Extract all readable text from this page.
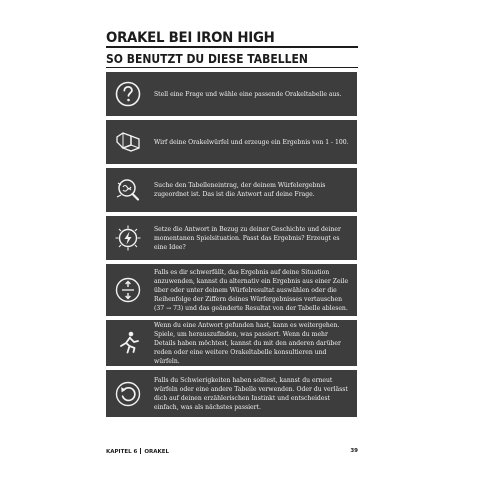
ORAKEL BEI IRON HIGH
SO BENUTZT DU DIESE TABELLEN
Stell eine Frage und wähle eine passende Orakeltabelle aus.
Wirf deine Orakelwürfel und erzeuge ein Ergebnis von 1 - 100.
Suche den Tabelleneintrag, der deinem Würfelergebnis zugeordnet ist. Das ist die Antwort auf deine Frage.
Setze die Antwort in Bezug zu deiner Geschichte und deiner momentanen Spielsituation. Passt das Ergebnis? Erzeugt es eine Idee?
Falls es dir schwerfällt, das Ergebnis auf deine Situation anzuwenden, kannst du alternativ ein Ergebnis aus einer Zeile über oder unter deinem Würfelresultat auswählen oder die Reihenfolge der Ziffern deines Würfergebnisses vertauschen (37 → 73) und das geänderte Resultat von der Tabelle ablesen.
Wenn du eine Antwort gefunden hast, kann es weitergehen. Spiele, um herauszufinden, was passiert. Wenn du mehr Details haben möchtest, kannst du mit den anderen darüber reden oder eine weitere Orakeltabelle konsultieren und würfeln.
Falls du Schwierigkeiten haben solltest, kannst du erneut würfeln oder eine andere Tabelle verwenden. Oder du verlässt dich auf deinen erzählerischen Instinkt und entscheidest einfach, was als nächstes passiert.
KAPITEL 6 ORAKEL	39
